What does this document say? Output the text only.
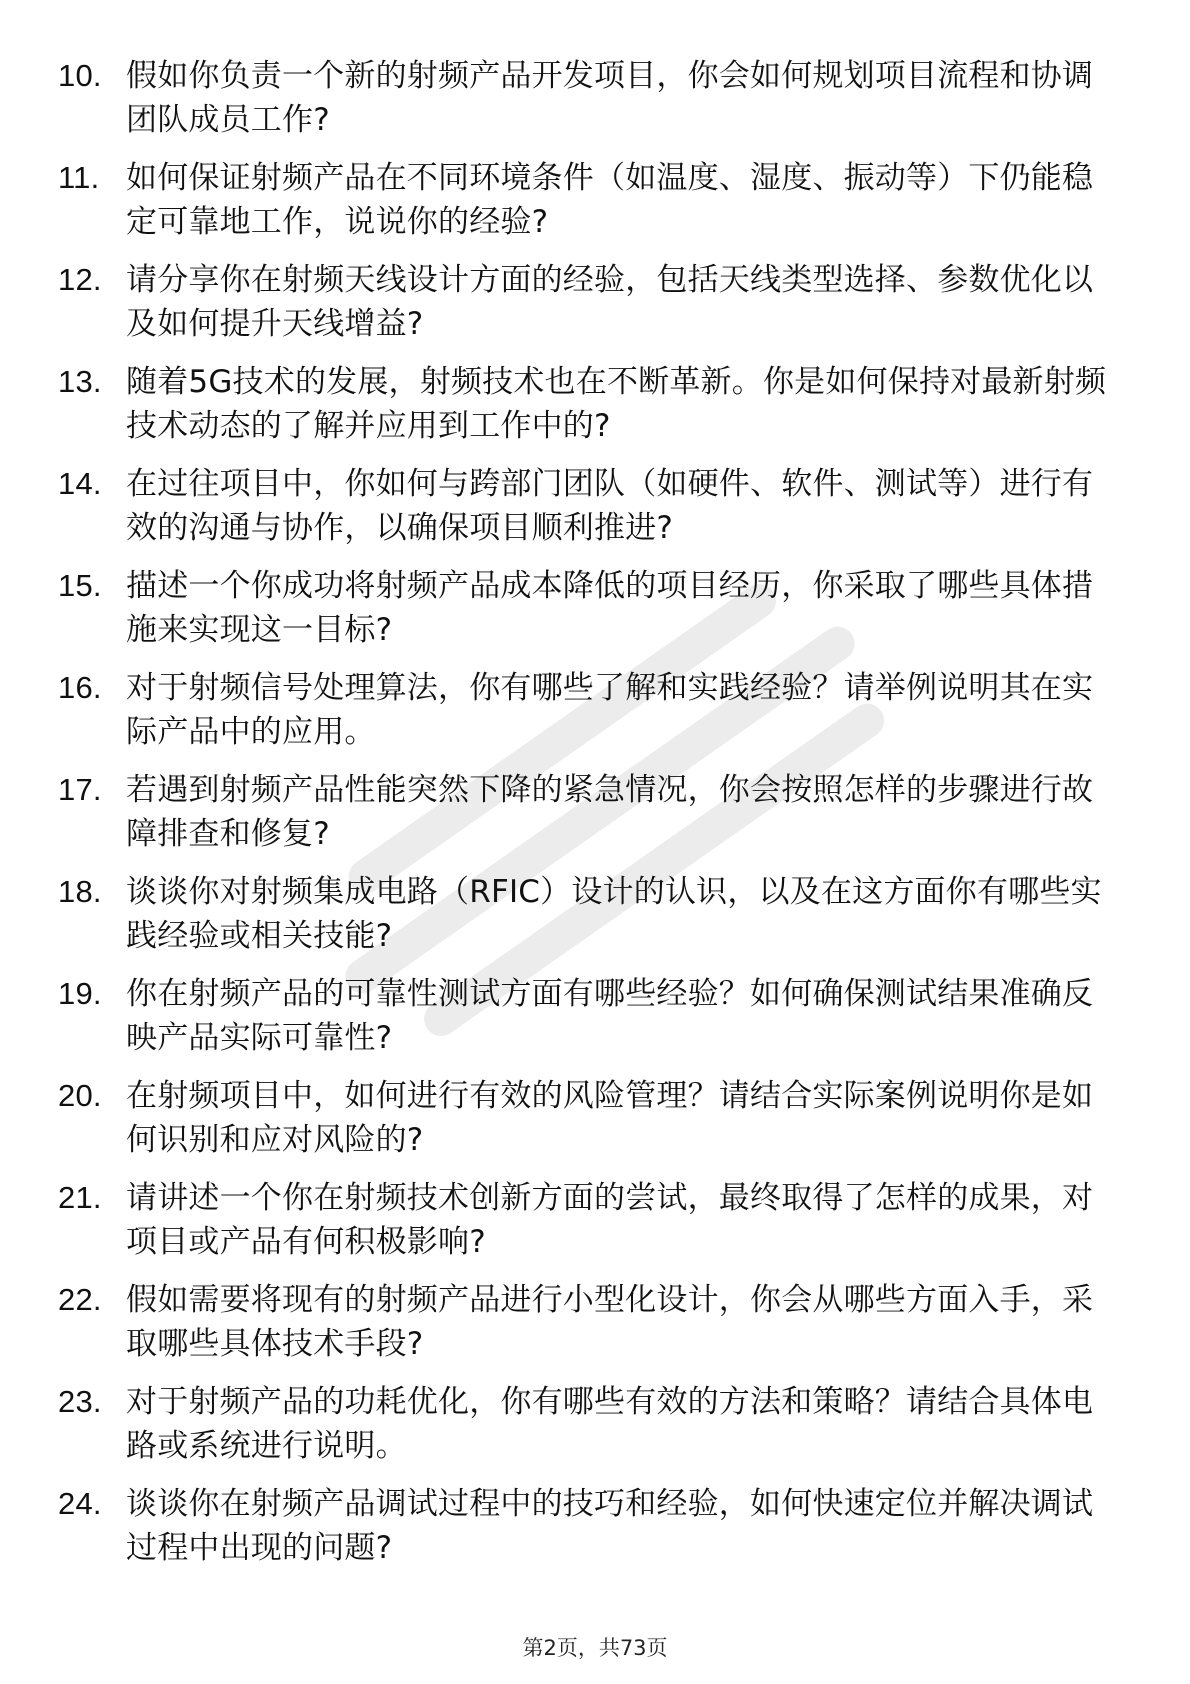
10. 假如你负责一个新的射频产品开发项目，你会如何规划项目流程和协调团队成员工作?
11. 如何保证射频产品在不同环境条件（如温度、湿度、振动等）下仍能稳定可靠地工作，说说你的经验?
12. 请分享你在射频天线设计方面的经验，包括天线类型选择、参数优化以及如何提升天线增益?
13. 随着5G技术的发展，射频技术也在不断革新。你是如何保持对最新射频技术动态的了解并应用到工作中的?
14. 在过往项目中，你如何与跨部门团队（如硬件、软件、测试等）进行有效的沟通与协作，以确保项目顺利推进?
15. 描述一个你成功将射频产品成本降低的项目经历，你采取了哪些具体措施来实现这一目标?
16. 对于射频信号处理算法，你有哪些了解和实践经验？请举例说明其在实际产品中的应用。
17. 若遇到射频产品性能突然下降的紧急情况，你会按照怎样的步骤进行故障排查和修复?
18. 谈谈你对射频集成电路（RFIC）设计的认识，以及在这方面你有哪些实践经验或相关技能?
19. 你在射频产品的可靠性测试方面有哪些经验？如何确保测试结果准确反映产品实际可靠性?
20. 在射频项目中，如何进行有效的风险管理？请结合实际案例说明你是如何识别和应对风险的?
21. 请讲述一个你在射频技术创新方面的尝试，最终取得了怎样的成果，对项目或产品有何积极影响?
22. 假如需要将现有的射频产品进行小型化设计，你会从哪些方面入手，采取哪些具体技术手段?
23. 对于射频产品的功耗优化，你有哪些有效的方法和策略？请结合具体电路或系统进行说明。
24. 谈谈你在射频产品调试过程中的技巧和经验，如何快速定位并解决调试过程中出现的问题?
第2页，共73页
